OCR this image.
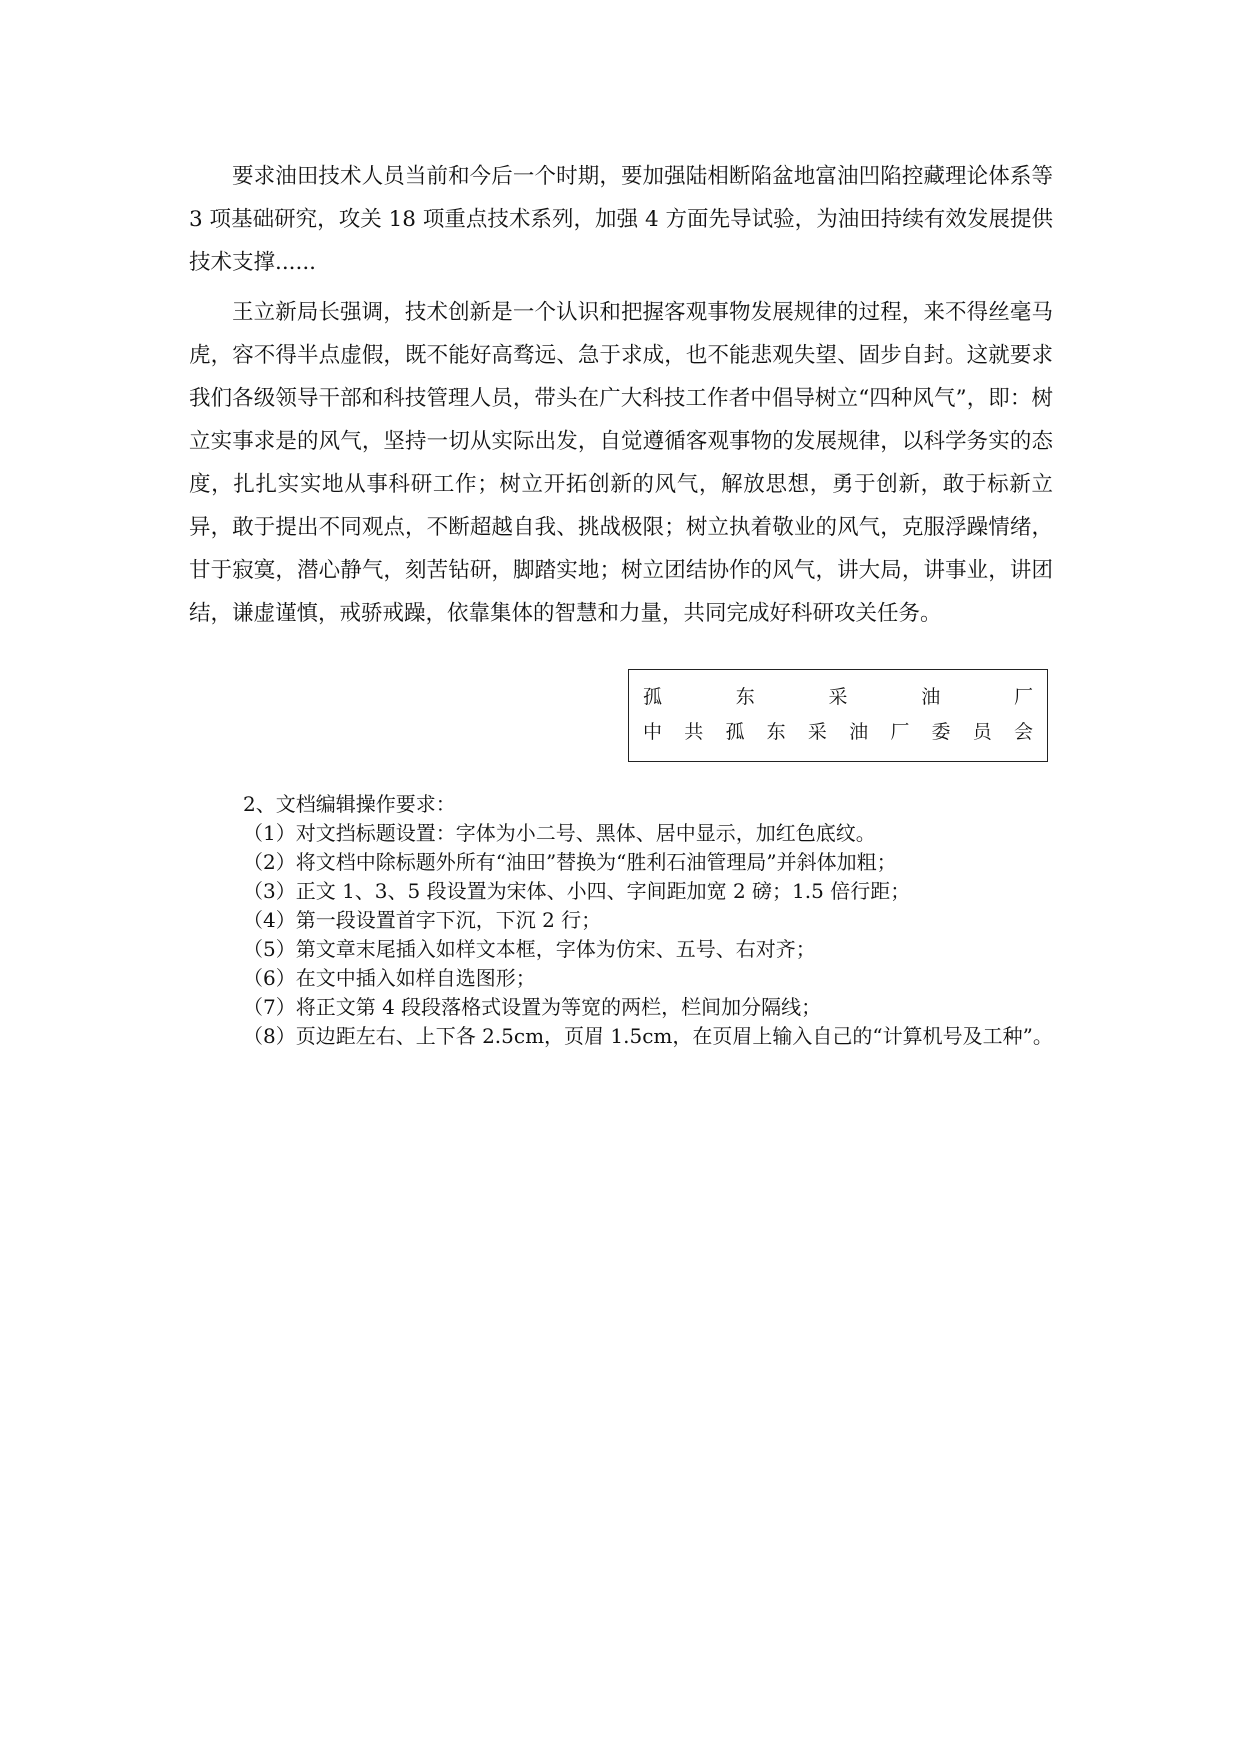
要求油田技术人员当前和今后一个时期，要加强陆相断陷盆地富油凹陷控藏理论体系等 3 项基础研究，攻关 18 项重点技术系列，加强 4 方面先导试验，为油田持续有效发展提供技术支撑......

王立新局长强调，技术创新是一个认识和把握客观事物发展规律的过程，来不得丝毫马虎，容不得半点虚假，既不能好高骛远、急于求成，也不能悲观失望、固步自封。这就要求我们各级领导干部和科技管理人员，带头在广大科技工作者中倡导树立“四种风气”，即：树立实事求是的风气，坚持一切从实际出发，自觉遵循客观事物的发展规律，以科学务实的态度，扎扎实实地从事科研工作；树立开拓创新的风气，解放思想，勇于创新，敢于标新立异，敢于提出不同观点，不断超越自我、挑战极限；树立执着敬业的风气，克服浮躁情绪，甘于寂寞，潜心静气，刻苦钻研，脚踏实地；树立团结协作的风气，讲大局，讲事业，讲团结，谦虚谨慎，戒骄戒躁，依靠集体的智慧和力量，共同完成好科研攻关任务。

孤	东	采	油	厂
中 共 孤 东 采 油 厂 委 员 会

2、文档编辑操作要求：

（1）对文挡标题设置：字体为小二号、黑体、居中显示，加红色底纹。

（2）将文档中除标题外所有“油田”替换为“胜利石油管理局”并斜体加粗；

（3）正文 1、3、5 段设置为宋体、小四、字间距加宽 2 磅；1.5 倍行距；

（4）第一段设置首字下沉，下沉 2 行；

（5）第文章末尾插入如样文本框，字体为仿宋、五号、右对齐；

（6）在文中插入如样自选图形；

（7）将正文第 4 段段落格式设置为等宽的两栏，栏间加分隔线；

（8）页边距左右、上下各 2.5cm，页眉 1.5cm，在页眉上输入自己的“计算机号及工种”。
